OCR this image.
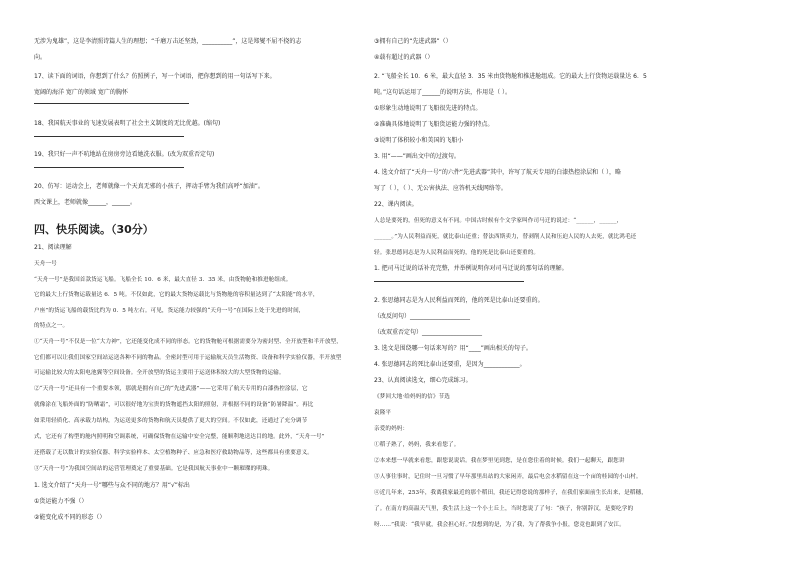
无涉为鬼雄”，这是李清照诗篇人生的理想；“千磨万击还坚劲，__________”，这是郑燮不屈不挠的志
向。
17、读下面的词语，你想到了什么？仿照例子，写一个词语，把你想到的用一句话写下来。
宽阔的海洋 宽广的领域 宽广的胸怀
18、我国航天事业的飞速发展表明了社会主义制度的无比优越。(缩句)
19、我只好一声不吭地站在房房旁边看她洗衣服。(改为双重否定句)
20、仿写：运动会上，老师就像一个天真无邪的小孩子，挥动手臂为我们高呼“加油”。
西文课上，老师就像______，______。
四、快乐阅读。（30分）
21、阅读理解
天舟一号
“天舟一号”是我国首款货运飞船。飞船全长 10．6 米，最大直径 3．35 米，由货物舱和推进舱组成。
它的最大上行货物运载量达 6．5 吨。不仅如此，它的最大货物运载比与货物舱的容积量达到了“太阳能”的水平，
户座”的货运飞船的载货比约为 0．5 吨左右。可见，货运能力较强的“天舟一号”在国际上处于先进的时间，
的特点之一。
①“天舟一号”不仅是一位“大力神”，它还能变化成不同的形态。它的货物舱可根据需要分为密封型、全开放型和半开放型，
它们都可以让我们国家空间站运送各种不同的物品。全密封型可用于运输航天员生活物资、设备和科学实验仪器，半开放型
可运输比较大的太阳电池翼等空间设备。全开放型的货运主要用于运送体积较大的大型货物的运输。
②“天舟一号”还具有一个重要本领，那就是拥有自己的“先进武器”——它采用了航天专用的白漆热控涂层，它
就像涂在飞船外面的“防晒霜”，可以很好地为宝贵的货物遮挡太阳的照射，并根据不同的设备“防暑降温”。再比
如采用轻质化、高承载力结构，为运送更多的货物和航天员提供了更大的空间。不仅如此，还通过了充分调节
式，它还有了构型的舱内照明和空调系统，可确保货物在运输中安全完整，能顺利地送达目的地。此外，“天舟一号”
还搭载了无以数计的实验仪器、科学实验样本、太空植物种子、应急和医疗救助物品等，这些都具有重要意义。
③“天舟一号”为我国空间站的运营管理奠定了重要基础。它是我国航天事业中一颗璀璨的明珠。
1. 选文介绍了“天舟一号”哪些与众不同的地方？用“√”标出
①货运能力不强（）
②能变化成不同的形态（）
③拥有自己的“先进武器”（）
④载有超过的武器（）
2. “飞船全长 10．6 米，最大直径 3．35 米由货物舱和推进舱组成。它的最大上行货物运载量达 6．5
吨。”这句话运用了______的说明方法，作用是（ ）。
①形象生动地说明了飞船很先进的特点。
②准确具体地说明了飞船货运能力强的特点。
③说明了体积较小和美国的飞船小
3. 用“——”画出文中的过渡句。
4. 选文介绍了“天舟一号”的六件“先进武器”其中，许写了航天专用的白漆热控涂层和（ ），略
写了（ ），（ ）、无公害执法、应答机天线网络等。
22、课内阅读。
人总是要死的，但死的意义有不同。中国古时候有个文学家叫作司马迁的说过：“______，______，
______。”为人民利益而死，就比泰山还重；替法西斯卖力，替剥削人民和压迫人民的人去死，就比鸿毛还
轻。张思德同志是为人民利益而死的，他的死是比泰山还要重的。
1. 把司马迁说的话补充完整，并举例说明你对司马迁说的那句话的理解。
2. 张思德同志是为人民利益而死的，他的死是比泰山还要重的。
（改反问句）____________________
（改双重否定句）____________________
3. 选文是围绕哪一句话来写的？用“____”画出相关的句子。
4. 张思德同志的死比泰山还要重，是因为____________。
23、认真阅读选文，细心完成练习。
《梦回大地·给妈妈的信》节选
袁隆平
亲爱的妈妈：
①稻子熟了，妈妈，我来看您了。
②本来想一早就来看您，跟您说说话。我在梦里见到您，是在您住着的时候。我们一起聊天，跟您讲
③人事往事时，记住时一旦习惯了早年那里出站的大家闲弄，最后电会水稻留在这一个亩的桂园的小山村。
④近几年来，253年，我离我家最近的那个稻田，我还记得您说的那样子，在我们家面前生长出来，是稻穗，
了。在南方的高温天气里，我生活上这一个小土丘上，当时您说了了句：“孩子，你别辞汉，是要吃学的
呀……”我说：“我早就，我会担心好。”没想到的是，为了我，为了帮我争小报，您竟也跟到了安江。
